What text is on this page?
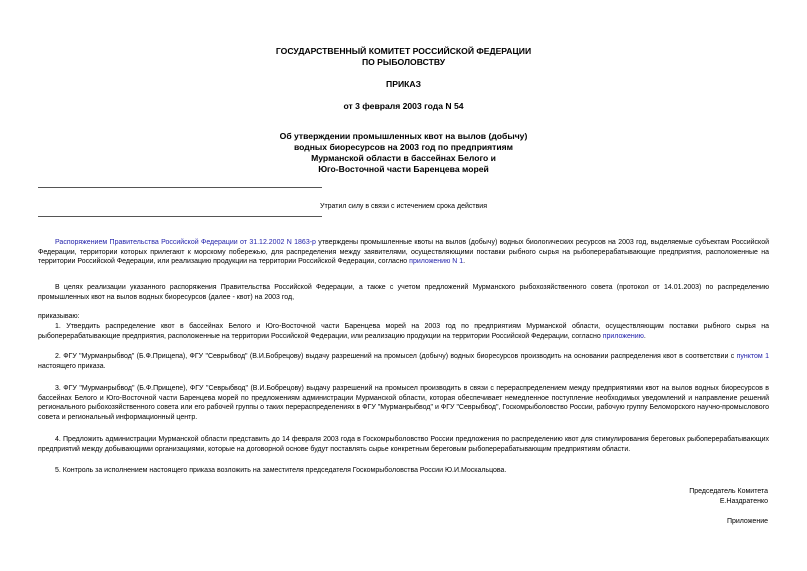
ГОСУДАРСТВЕННЫЙ КОМИТЕТ РОССИЙСКОЙ ФЕДЕРАЦИИ
ПО РЫБОЛОВСТВУ
ПРИКАЗ
от 3 февраля 2003 года N 54
Об утверждении промышленных квот на вылов (добычу)
водных биоресурсов на 2003 год по предприятиям
Мурманской области в бассейнах Белого и
Юго-Восточной части Баренцева морей
Утратил силу в связи с истечением срока действия
Распоряжением Правительства Российской Федерации от 31.12.2002 N 1863-р утверждены промышленные квоты на вылов (добычу) водных биологических ресурсов на 2003 год, выделяемые субъектам Российской Федерации, территории которых прилегают к морскому побережью, для распределения между заявителями, осуществляющими поставки рыбного сырья на рыбоперерабатывающие предприятия, расположенные на территории Российской Федерации, или реализацию продукции на территории Российской Федерации, согласно приложению N 1.
В целях реализации указанного распоряжения Правительства Российской Федерации, а также с учетом предложений Мурманского рыбохозяйственного совета (протокол от 14.01.2003) по распределению промышленных квот на вылов водных биоресурсов (далее - квот) на 2003 год,
приказываю:
1. Утвердить распределение квот в бассейнах Белого и Юго-Восточной части Баренцева морей на 2003 год по предприятиям Мурманской области, осуществляющим поставки рыбного сырья на рыбоперерабатывающие предприятия, расположенные на территории Российской Федерации, или реализацию продукции на территории Российской Федерации, согласно приложению.
2. ФГУ "Мурманрыбвод" (Б.Ф.Прищепа), ФГУ "Севрыбвод" (В.И.Бобрецову) выдачу разрешений на промысел (добычу) водных биоресурсов производить на основании распределения квот в соответствии с пунктом 1 настоящего приказа.
3. ФГУ "Мурманрыбвод" (Б.Ф.Прищепе), ФГУ "Севрыбвод" (В.И.Бобрецову) выдачу разрешений на промысел производить в связи с перераспределением между предприятиями квот на вылов водных биоресурсов в бассейнах Белого и Юго-Восточной части Баренцева морей по предложениям администрации Мурманской области, которая обеспечивает немедленное поступление необходимых уведомлений и направление решений регионального рыбохозяйственного совета или его рабочей группы о таких перераспределениях в ФГУ "Мурманрыбвод" и ФГУ "Севрыбвод", Госкомрыболовство России, рабочую группу Беломорского научно-промыслового совета и региональный информационный центр.
4. Предложить администрации Мурманской области представить до 14 февраля 2003 года в Госкомрыболовство России предложения по распределению квот для стимулирования береговых рыбоперерабатывающих предприятий между добывающими организациями, которые на договорной основе будут поставлять сырье конкретным береговым рыбоперерабатывающим предприятиям области.
5. Контроль за исполнением настоящего приказа возложить на заместителя председателя Госкомрыболовства России Ю.И.Москальцова.
Председатель Комитета
Е.Наздратенко
Приложение
